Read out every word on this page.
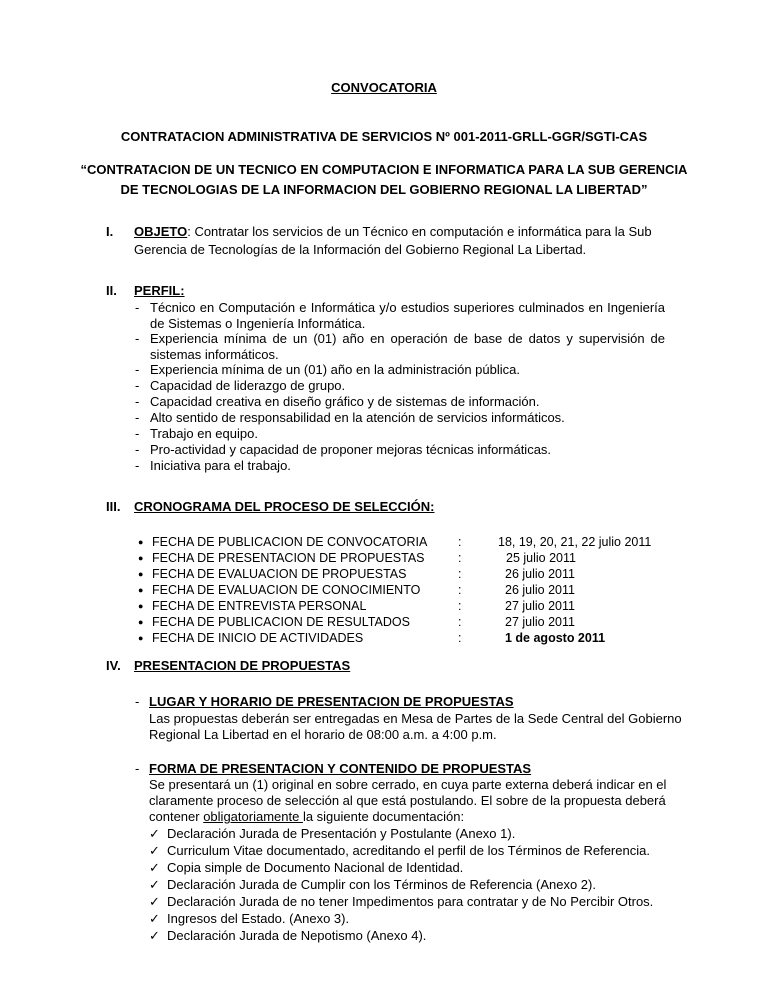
CONVOCATORIA
CONTRATACION ADMINISTRATIVA DE SERVICIOS Nº 001-2011-GRLL-GGR/SGTI-CAS
“CONTRATACION DE UN TECNICO EN COMPUTACION E INFORMATICA PARA LA SUB GERENCIA
DE TECNOLOGIAS DE LA INFORMACION DEL GOBIERNO REGIONAL LA LIBERTAD”
I. OBJETO: Contratar los servicios de un Técnico en computación e informática para la Sub
Gerencia de Tecnologías de la Información del Gobierno Regional La Libertad.
II. PERFIL:
- Técnico en Computación e Informática y/o estudios superiores culminados en Ingeniería de Sistemas o Ingeniería Informática.
- Experiencia mínima de un (01) año en operación de base de datos y supervisión de sistemas informáticos.
- Experiencia mínima de un (01) año en la administración pública.
- Capacidad de liderazgo de grupo.
- Capacidad creativa en diseño gráfico y de sistemas de información.
- Alto sentido de responsabilidad en la atención de servicios informáticos.
- Trabajo en equipo.
- Pro-actividad y capacidad de proponer mejoras técnicas informáticas.
- Iniciativa para el trabajo.
III. CRONOGRAMA DEL PROCESO DE SELECCIÓN:
● FECHA DE PUBLICACION DE CONVOCATORIA :	18, 19, 20, 21, 22 julio 2011
● FECHA DE PRESENTACION DE PROPUESTAS	:	25 julio 2011
● FECHA DE EVALUACION DE PROPUESTAS	:	26 julio 2011
● FECHA DE EVALUACION DE CONOCIMIENTO	:	26 julio 2011
● FECHA DE ENTREVISTA PERSONAL	:	27 julio 2011
● FECHA DE PUBLICACION DE RESULTADOS	:	27 julio 2011
● FECHA DE INICIO DE ACTIVIDADES	:	1 de agosto 2011
IV. PRESENTACION DE PROPUESTAS
- LUGAR Y HORARIO DE PRESENTACION DE PROPUESTAS
Las propuestas deberán ser entregadas en Mesa de Partes de la Sede Central del Gobierno
Regional La Libertad en el horario de 08:00 a.m. a 4:00 p.m.
- FORMA DE PRESENTACION Y CONTENIDO DE PROPUESTAS
Se presentará un (1) original en sobre cerrado, en cuya parte externa deberá indicar en el
claramente proceso de selección al que está postulando. El sobre de la propuesta deberá
contener obligatoriamente la siguiente documentación:
✓ Declaración Jurada de Presentación y Postulante (Anexo 1).
✓ Curriculum Vitae documentado, acreditando el perfil de los Términos de Referencia.
✓ Copia simple de Documento Nacional de Identidad.
✓ Declaración Jurada de Cumplir con los Términos de Referencia (Anexo 2).
✓ Declaración Jurada de no tener Impedimentos para contratar y de No Percibir Otros.
✓ Ingresos del Estado. (Anexo 3).
✓ Declaración Jurada de Nepotismo (Anexo 4).
